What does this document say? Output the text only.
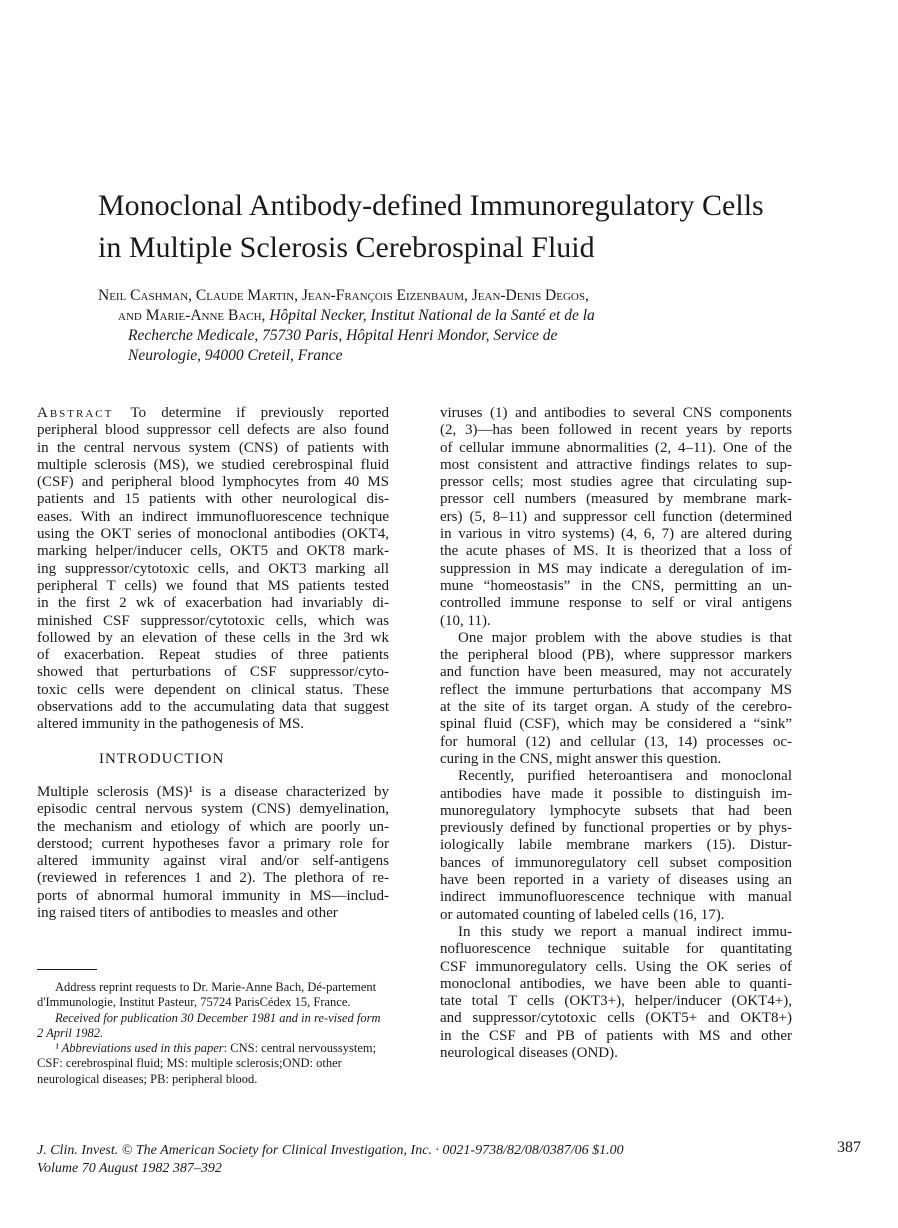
Monoclonal Antibody-defined Immunoregulatory Cells
in Multiple Sclerosis Cerebrospinal Fluid
Neil Cashman, Claude Martin, Jean-François Eizenbaum, Jean-Denis Degos,
and Marie-Anne Bach, Hôpital Necker, Institut National de la Santé et de la
Recherche Medicale, 75730 Paris, Hôpital Henri Mondor, Service de
Neurologie, 94000 Creteil, France
Abstract To determine if previously reported
peripheral blood suppressor cell defects are also found
in the central nervous system (CNS) of patients with
multiple sclerosis (MS), we studied cerebrospinal fluid
(CSF) and peripheral blood lymphocytes from 40 MS
patients and 15 patients with other neurological dis-
eases. With an indirect immunofluorescence technique
using the OKT series of monoclonal antibodies (OKT4,
marking helper/inducer cells, OKT5 and OKT8 mark-
ing suppressor/cytotoxic cells, and OKT3 marking all
peripheral T cells) we found that MS patients tested
in the first 2 wk of exacerbation had invariably di-
minished CSF suppressor/cytotoxic cells, which was
followed by an elevation of these cells in the 3rd wk
of exacerbation. Repeat studies of three patients
showed that perturbations of CSF suppressor/cyto-
toxic cells were dependent on clinical status. These
observations add to the accumulating data that suggest
altered immunity in the pathogenesis of MS.
INTRODUCTION
Multiple sclerosis (MS)¹ is a disease characterized by
episodic central nervous system (CNS) demyelination,
the mechanism and etiology of which are poorly un-
derstood; current hypotheses favor a primary role for
altered immunity against viral and/or self-antigens
(reviewed in references 1 and 2). The plethora of re-
ports of abnormal humoral immunity in MS—includ-
ing raised titers of antibodies to measles and other
viruses (1) and antibodies to several CNS components
(2, 3)—has been followed in recent years by reports
of cellular immune abnormalities (2, 4–11). One of the
most consistent and attractive findings relates to sup-
pressor cells; most studies agree that circulating sup-
pressor cell numbers (measured by membrane mark-
ers) (5, 8–11) and suppressor cell function (determined
in various in vitro systems) (4, 6, 7) are altered during
the acute phases of MS. It is theorized that a loss of
suppression in MS may indicate a deregulation of im-
mune “homeostasis” in the CNS, permitting an un-
controlled immune response to self or viral antigens
(10, 11).
One major problem with the above studies is that
the peripheral blood (PB), where suppressor markers
and function have been measured, may not accurately
reflect the immune perturbations that accompany MS
at the site of its target organ. A study of the cerebro-
spinal fluid (CSF), which may be considered a “sink”
for humoral (12) and cellular (13, 14) processes oc-
curing in the CNS, might answer this question.
Recently, purified heteroantisera and monoclonal
antibodies have made it possible to distinguish im-
munoregulatory lymphocyte subsets that had been
previously defined by functional properties or by phys-
iologically labile membrane markers (15). Distur-
bances of immunoregulatory cell subset composition
have been reported in a variety of diseases using an
indirect immunofluorescence technique with manual
or automated counting of labeled cells (16, 17).
In this study we report a manual indirect immu-
nofluorescence technique suitable for quantitating
CSF immunoregulatory cells. Using the OK series of
monoclonal antibodies, we have been able to quanti-
tate total T cells (OKT3+), helper/inducer (OKT4+),
and suppressor/cytotoxic cells (OKT5+ and OKT8+)
in the CSF and PB of patients with MS and other
neurological diseases (OND).
Address reprint requests to Dr. Marie-Anne Bach, Dé-partement d'Immunologie, Institut Pasteur, 75724 ParisCédex 15, France.
Received for publication 30 December 1981 and in re-vised form 2 April 1982.
¹ Abbreviations used in this paper: CNS: central nervoussystem; CSF: cerebrospinal fluid; MS: multiple sclerosis;OND: other neurological diseases; PB: peripheral blood.
J. Clin. Invest. © The American Society for Clinical Investigation, Inc. · 0021-9738/82/08/0387/06 $1.00	387
Volume 70 August 1982 387–392
